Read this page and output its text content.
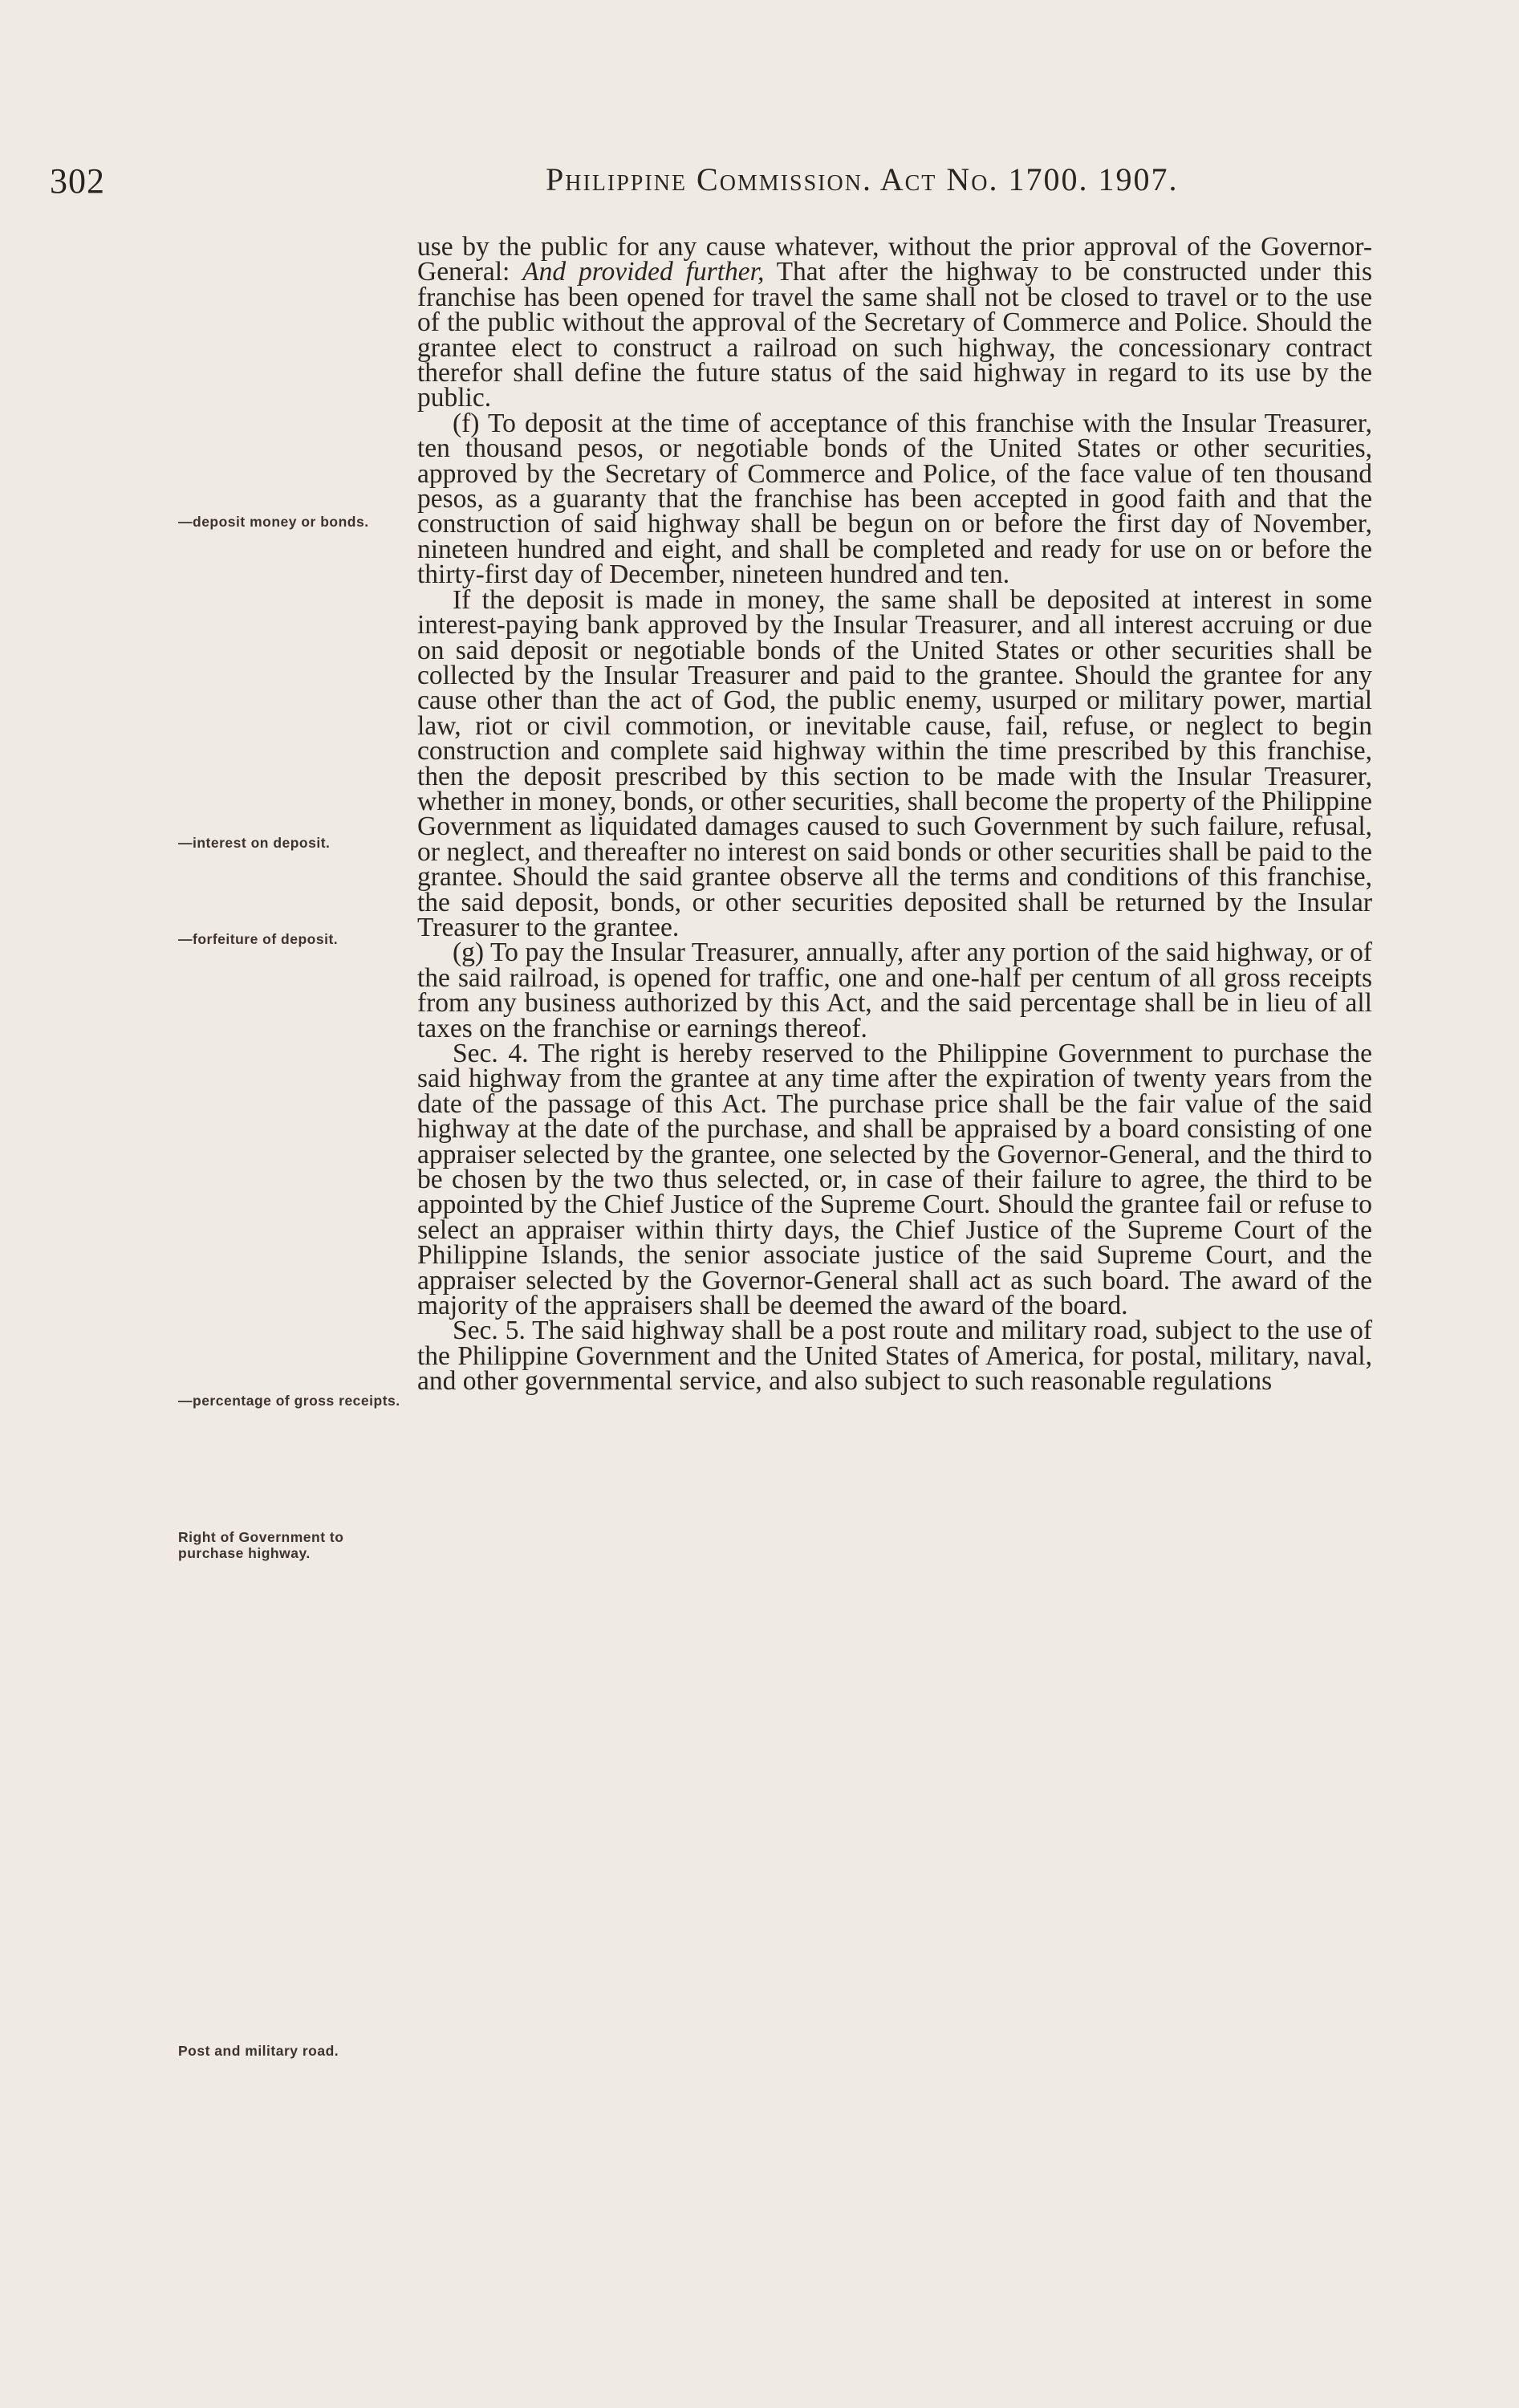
302	Philippine Commission. Act No. 1700. 1907.
—deposit money or bonds.
—interest on deposit.
—forfeiture of deposit.
—percentage of gross receipts.
Right of Government to purchase highway.
Post and military road.

use by the public for any cause whatever, without the prior approval of the Governor-General: And provided further, That after the highway to be constructed under this franchise has been opened for travel the same shall not be closed to travel or to the use of the public without the approval of the Secretary of Commerce and Police. Should the grantee elect to construct a railroad on such highway, the concessionary contract therefor shall define the future status of the said highway in regard to its use by the public.

(f) To deposit at the time of acceptance of this franchise with the Insular Treasurer, ten thousand pesos, or negotiable bonds of the United States or other securities, approved by the Secretary of Commerce and Police, of the face value of ten thousand pesos, as a guaranty that the franchise has been accepted in good faith and that the construction of said highway shall be begun on or before the first day of November, nineteen hundred and eight, and shall be completed and ready for use on or before the thirty-first day of December, nineteen hundred and ten.

If the deposit is made in money, the same shall be deposited at interest in some interest-paying bank approved by the Insular Treasurer, and all interest accruing or due on said deposit or negotiable bonds of the United States or other securities shall be collected by the Insular Treasurer and paid to the grantee. Should the grantee for any cause other than the act of God, the public enemy, usurped or military power, martial law, riot or civil commotion, or inevitable cause, fail, refuse, or neglect to begin construction and complete said highway within the time prescribed by this franchise, then the deposit prescribed by this section to be made with the Insular Treasurer, whether in money, bonds, or other securities, shall become the property of the Philippine Government as liquidated damages caused to such Government by such failure, refusal, or neglect, and thereafter no interest on said bonds or other securities shall be paid to the grantee. Should the said grantee observe all the terms and conditions of this franchise, the said deposit, bonds, or other securities deposited shall be returned by the Insular Treasurer to the grantee.

(g) To pay the Insular Treasurer, annually, after any portion of the said highway, or of the said railroad, is opened for traffic, one and one-half per centum of all gross receipts from any business authorized by this Act, and the said percentage shall be in lieu of all taxes on the franchise or earnings thereof.

Sec. 4. The right is hereby reserved to the Philippine Government to purchase the said highway from the grantee at any time after the expiration of twenty years from the date of the passage of this Act. The purchase price shall be the fair value of the said highway at the date of the purchase, and shall be appraised by a board consisting of one appraiser selected by the grantee, one selected by the Governor-General, and the third to be chosen by the two thus selected, or, in case of their failure to agree, the third to be appointed by the Chief Justice of the Supreme Court. Should the grantee fail or refuse to select an appraiser within thirty days, the Chief Justice of the Supreme Court of the Philippine Islands, the senior associate justice of the said Supreme Court, and the appraiser selected by the Governor-General shall act as such board. The award of the majority of the appraisers shall be deemed the award of the board.

Sec. 5. The said highway shall be a post route and military road, subject to the use of the Philippine Government and the United States of America, for postal, military, naval, and other governmental service, and also subject to such reasonable regulations
